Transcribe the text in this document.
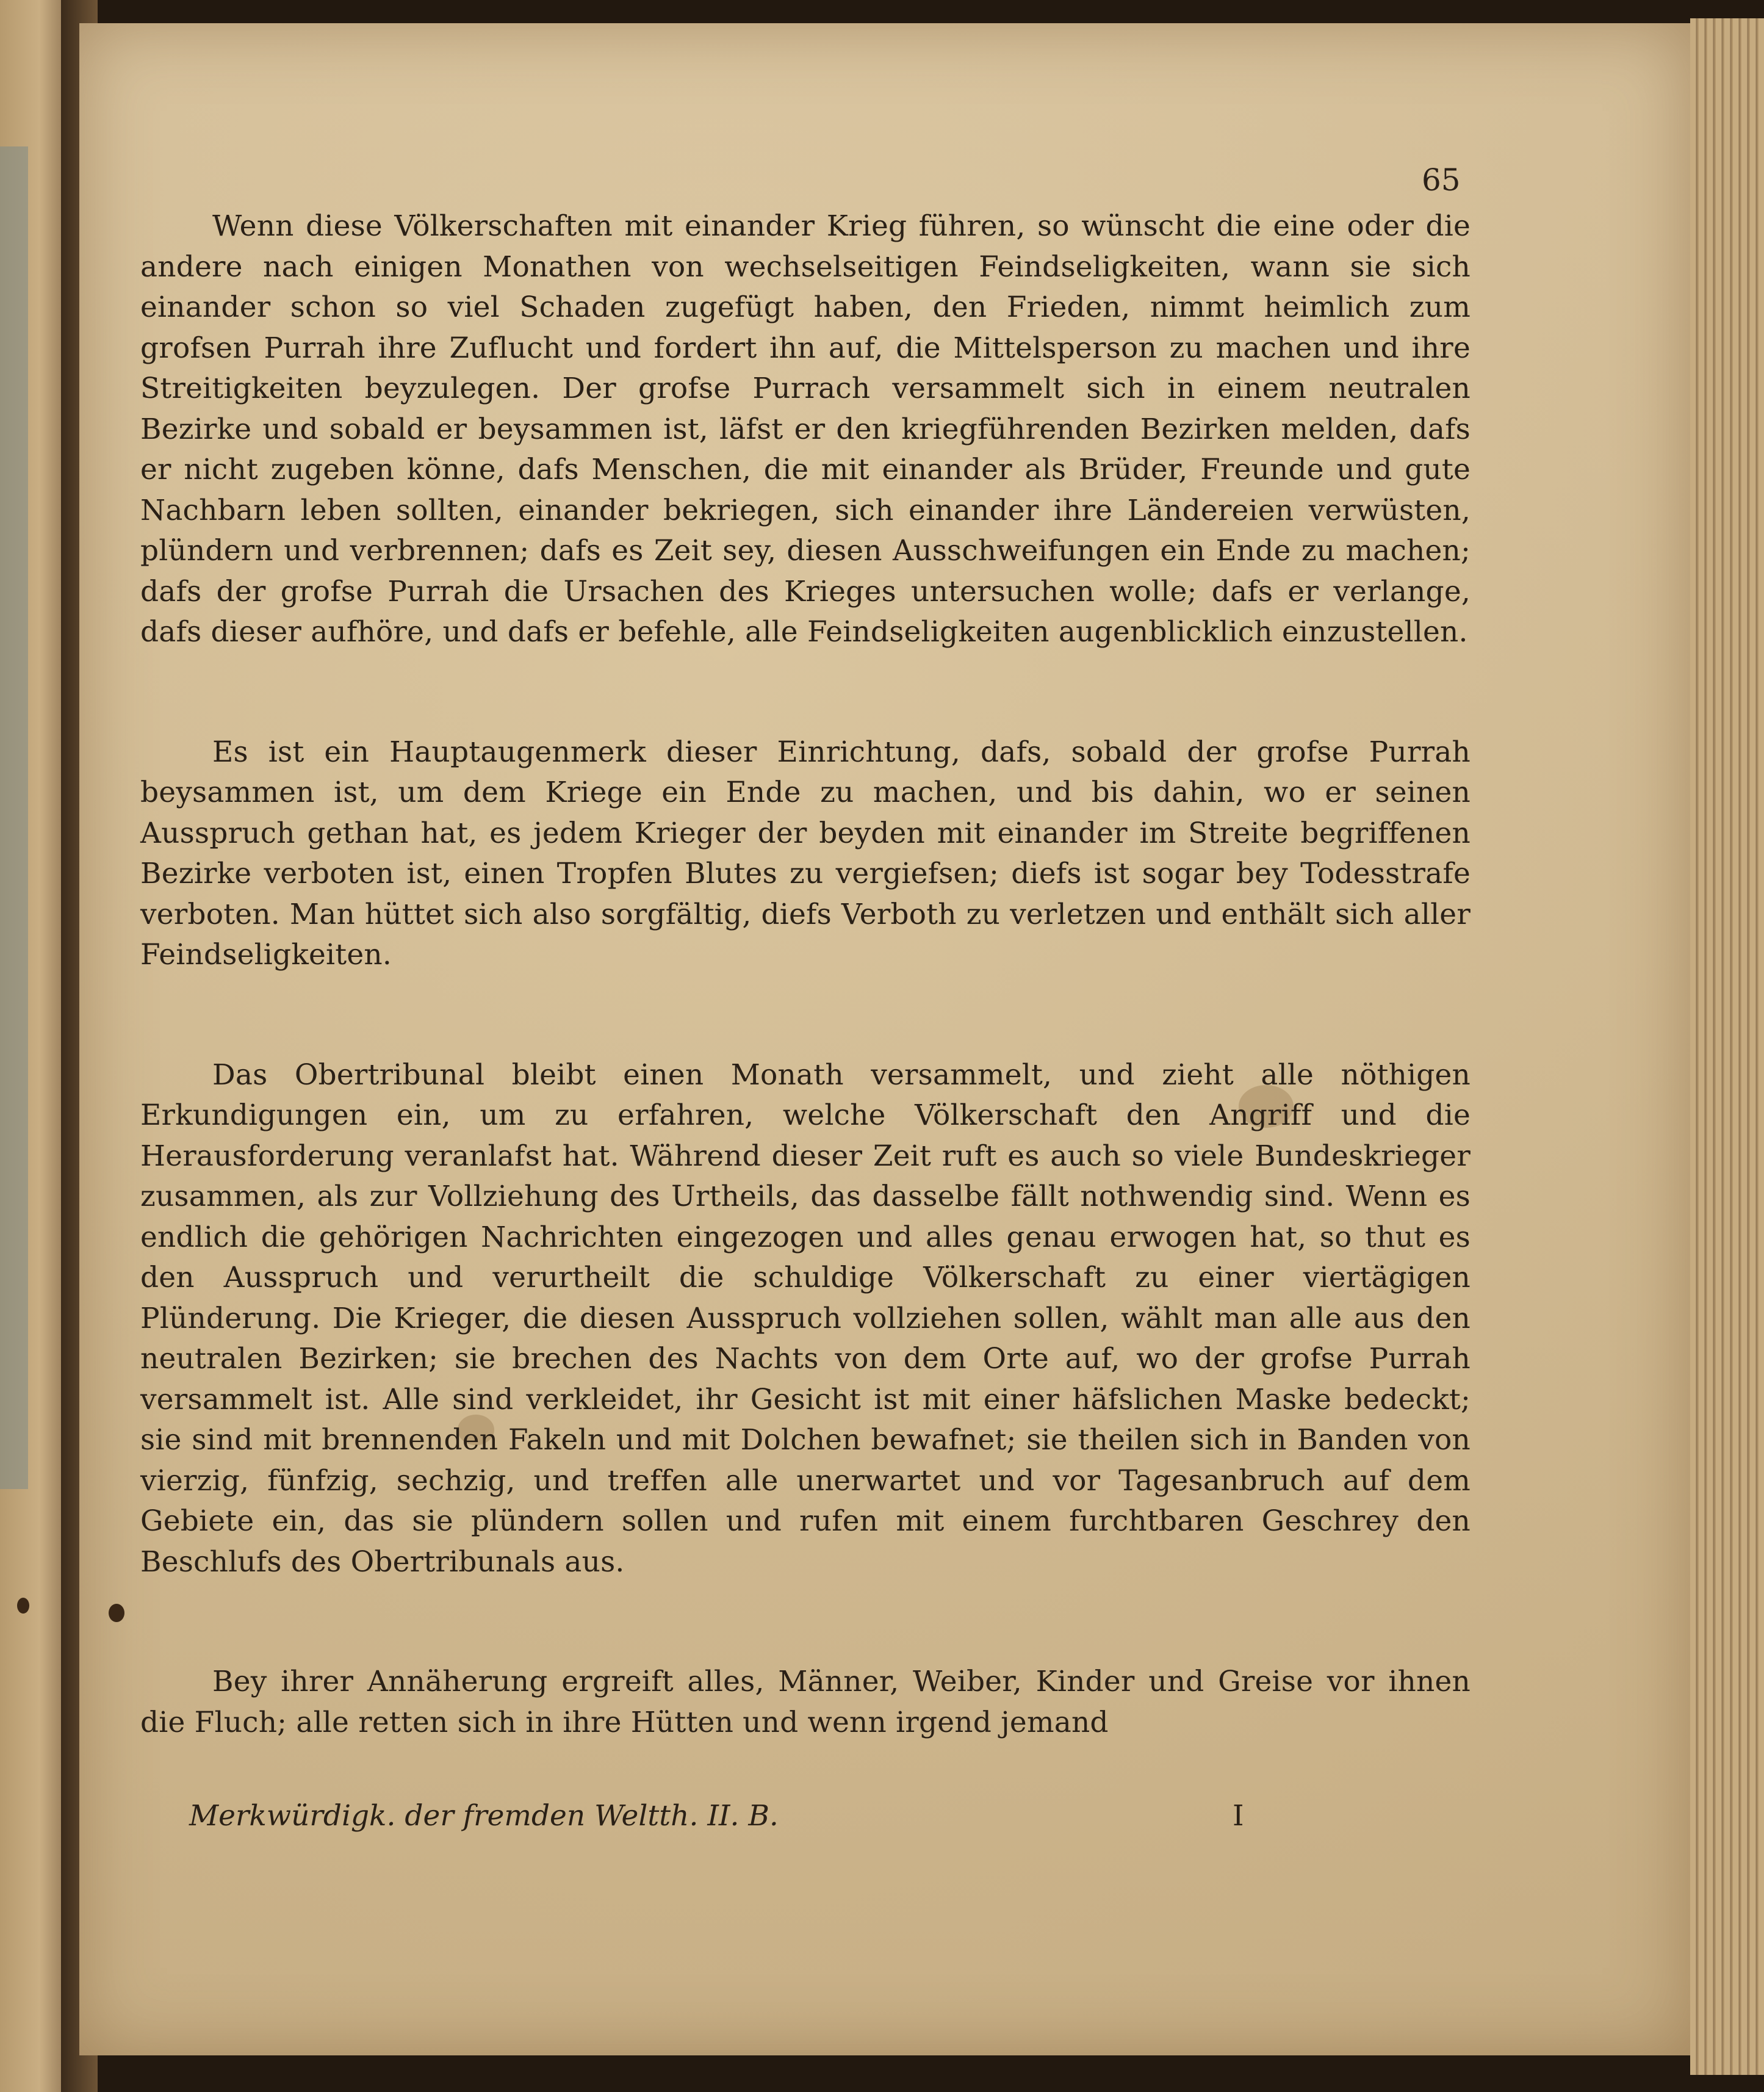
65

Wenn diese Völkerschaften mit einander Krieg führen, so wünscht die eine oder die andere nach einigen Monathen von wechselseitigen Feindseligkeiten, wann sie sich einander schon so viel Schaden zugefügt haben, den Frieden, nimmt heimlich zum grofsen Purrah ihre Zuflucht und fordert ihn auf, die Mittelsperson zu machen und ihre Streitigkeiten beyzulegen. Der grofse Purrach versammelt sich in einem neutralen Bezirke und sobald er beysammen ist, läfst er den kriegführenden Bezirken melden, dafs er nicht zugeben könne, dafs Menschen, die mit einander als Brüder, Freunde und gute Nachbarn leben sollten, einander bekriegen, sich einander ihre Ländereien verwüsten, plündern und verbrennen; dafs es Zeit sey, diesen Ausschweifungen ein Ende zu machen; dafs der grofse Purrah die Ursachen des Krieges untersuchen wolle; dafs er verlange, dafs dieser aufhöre, und dafs er befehle, alle Feindseligkeiten augenblicklich einzustellen.

Es ist ein Hauptaugenmerk dieser Einrichtung, dafs, sobald der grofse Purrah beysammen ist, um dem Kriege ein Ende zu machen, und bis dahin, wo er seinen Ausspruch gethan hat, es jedem Krieger der beyden mit einander im Streite begriffenen Bezirke verboten ist, einen Tropfen Blutes zu vergiefsen; diefs ist sogar bey Todesstrafe verboten. Man hüttet sich also sorgfältig, diefs Verboth zu verletzen und enthält sich aller Feindseligkeiten.

Das Obertribunal bleibt einen Monath versammelt, und zieht alle nöthigen Erkundigungen ein, um zu erfahren, welche Völkerschaft den Angriff und die Herausforderung veranlafst hat. Während dieser Zeit ruft es auch so viele Bundeskrieger zusammen, als zur Vollziehung des Urtheils, das dasselbe fällt nothwendig sind. Wenn es endlich die gehörigen Nachrichten eingezogen und alles genau erwogen hat, so thut es den Ausspruch und verurtheilt die schuldige Völkerschaft zu einer viertägigen Plünderung. Die Krieger, die diesen Ausspruch vollziehen sollen, wählt man alle aus den neutralen Bezirken; sie brechen des Nachts von dem Orte auf, wo der grofse Purrah versammelt ist. Alle sind verkleidet, ihr Gesicht ist mit einer häfslichen Maske bedeckt; sie sind mit brennenden Fakeln und mit Dolchen bewafnet; sie theilen sich in Banden von vierzig, fünfzig, sechzig, und treffen alle unerwartet und vor Tagesanbruch auf dem Gebiete ein, das sie plündern sollen und rufen mit einem furchtbaren Geschrey den Beschlufs des Obertribunals aus.

Bey ihrer Annäherung ergreift alles, Männer, Weiber, Kinder und Greise vor ihnen die Fluch; alle retten sich in ihre Hütten und wenn irgend jemand

Merkwürdigk. der fremden Weltth. II. B.	I
